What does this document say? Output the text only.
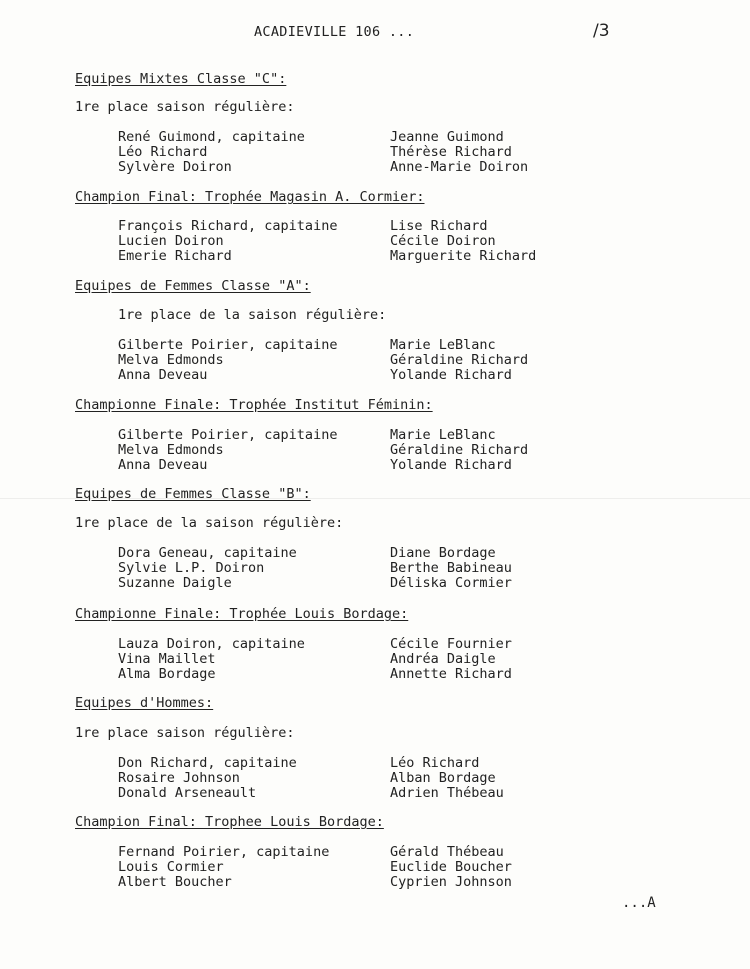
ACADIEVILLE 106 ...	/3
Equipes Mixtes Classe "C":
1re place saison régulière:
René Guimond, capitaine	Jeanne Guimond
Léo Richard	Thérèse Richard
Sylvère Doiron	Anne-Marie Doiron
Champion Final: Trophée Magasin A. Cormier:
François Richard, capitaine	Lise Richard
Lucien Doiron	Cécile Doiron
Emerie Richard	Marguerite Richard
Equipes de Femmes Classe "A":
1re place de la saison régulière:
Gilberte Poirier, capitaine	Marie LeBlanc
Melva Edmonds	Géraldine Richard
Anna Deveau	Yolande Richard
Championne Finale: Trophée Institut Féminin:
Gilberte Poirier, capitaine	Marie LeBlanc
Melva Edmonds	Géraldine Richard
Anna Deveau	Yolande Richard
Equipes de Femmes Classe "B":
1re place de la saison régulière:
Dora Geneau, capitaine	Diane Bordage
Sylvie L.P. Doiron	Berthe Babineau
Suzanne Daigle	Déliska Cormier
Championne Finale: Trophée Louis Bordage:
Lauza Doiron, capitaine	Cécile Fournier
Vina Maillet	Andréa Daigle
Alma Bordage	Annette Richard
Equipes d'Hommes:
1re place saison régulière:
Don Richard, capitaine	Léo Richard
Rosaire Johnson	Alban Bordage
Donald Arseneault	Adrien Thébeau
Champion Final: Trophee Louis Bordage:
Fernand Poirier, capitaine	Gérald Thébeau
Louis Cormier	Euclide Boucher
Albert Boucher	Cyprien Johnson
...A
